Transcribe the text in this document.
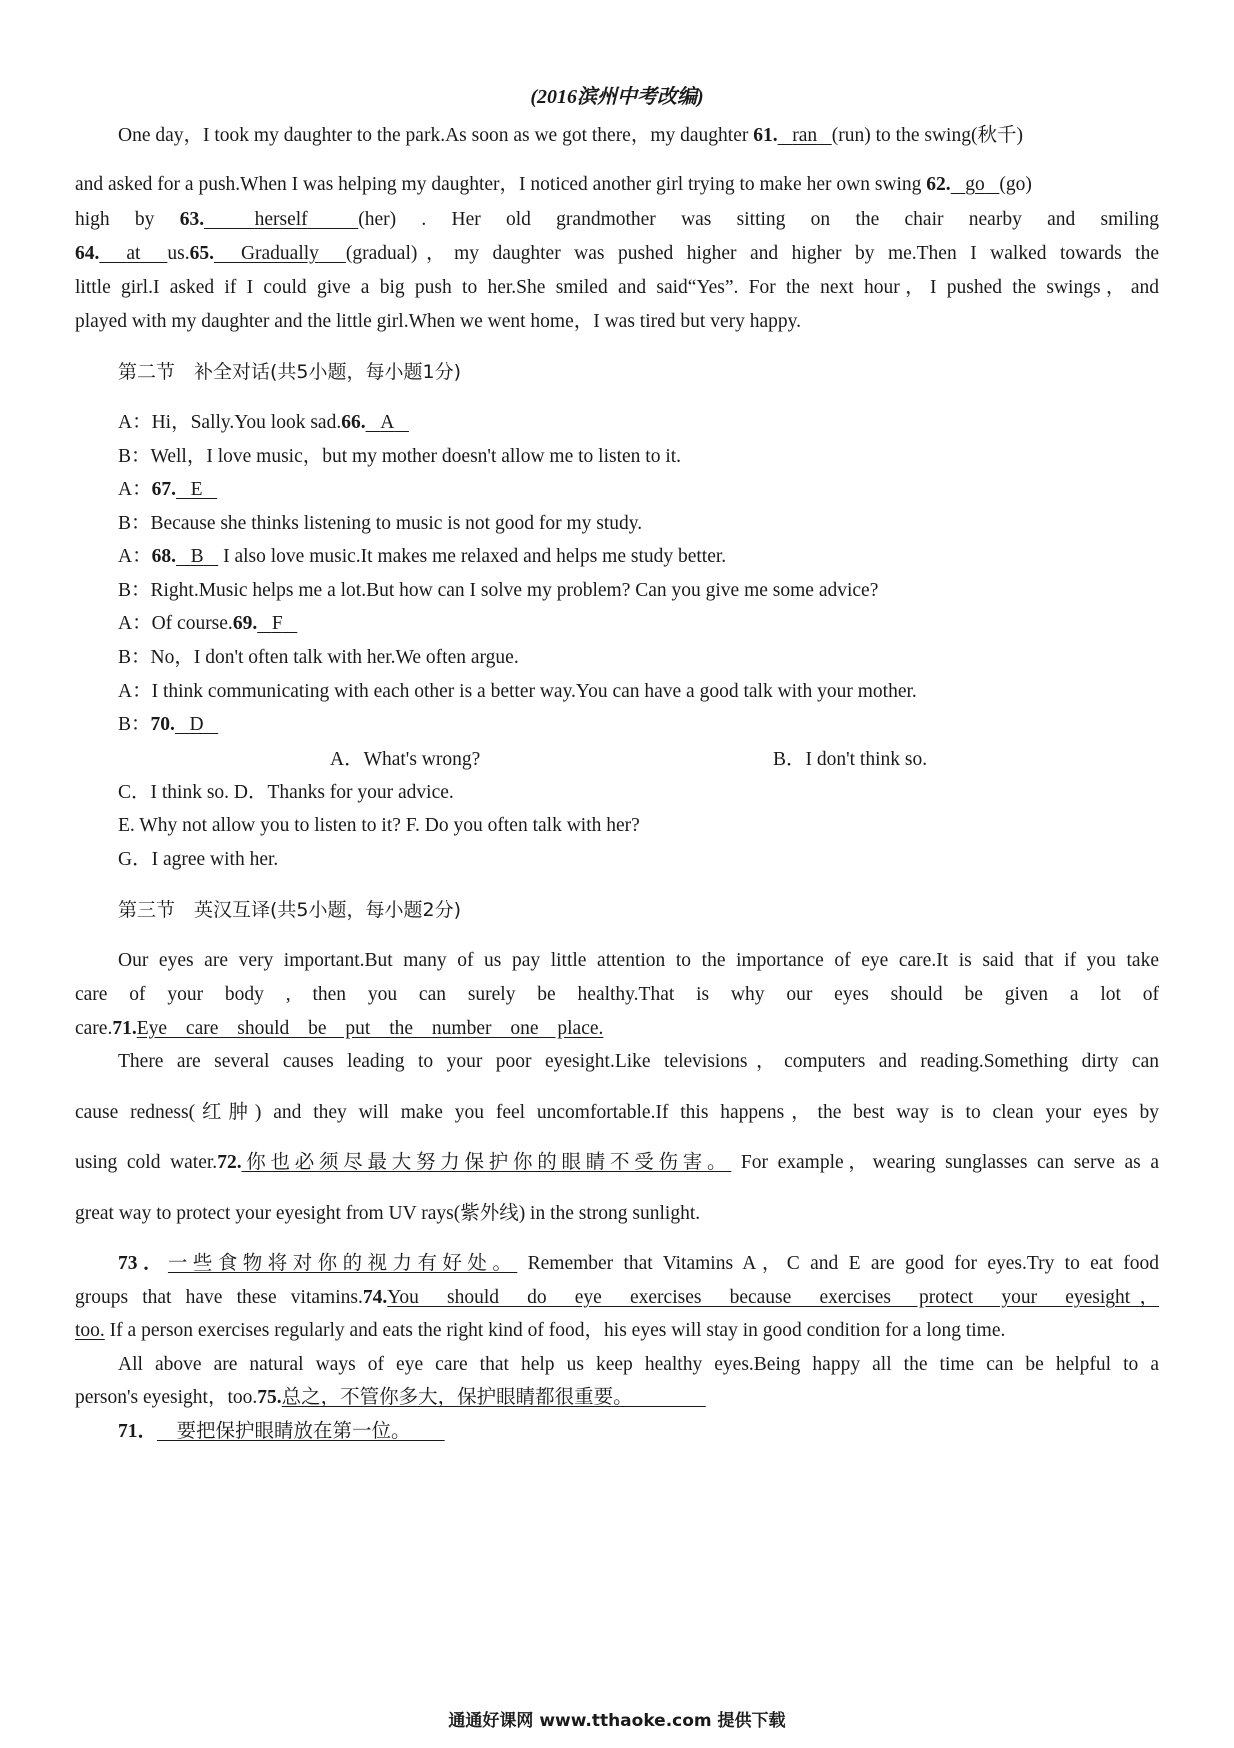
(2016滨州中考改编)
One day，I took my daughter to the park.As soon as we got there，my daughter 61. ran (run) to the swing(秋千)
and asked for a push.When I was helping my daughter，I noticed another girl trying to make her own swing 62. go (go)
high by 63.	herself	(her) . Her old grandmother was sitting on the chair nearby and smiling
64. at us.65. Gradually (gradual)，my daughter was pushed higher and higher by me.Then I walked towards the
little girl.I asked if I could give a big push to her.She smiled and said“Yes”. For the next hour，I pushed the swings，and
played with my daughter and the little girl.When we went home，I was tired but very happy.
第二节　补全对话(共5小题，每小题1分)
A：Hi，Sally.You look sad.66. A
B：Well，I love music，but my mother doesn't allow me to listen to it.
A：67. E
B：Because she thinks listening to music is not good for my study.
A：68. B I also love music.It makes me relaxed and helps me study better.
B：Right.Music helps me a lot.But how can I solve my problem? Can you give me some advice?
A：Of course.69. F
B：No，I don't often talk with her.We often argue.
A：I think communicating with each other is a better way.You can have a good talk with your mother.
B：70. D
A．What's wrong?	B．I don't think so.
C．I think so. D．Thanks for your advice.
E. Why not allow you to listen to it? F. Do you often talk with her?
G．I agree with her.
第三节　英汉互译(共5小题，每小题2分)
Our eyes are very important.But many of us pay little attention to the importance of eye care.It is said that if you take
care of your body , then you can surely be healthy.That is why our eyes should be given a lot of
care.71.Eye care should be put the number one place.
There are several causes leading to your poor eyesight.Like televisions，computers and reading.Something dirty can
cause redness(红肿) and they will make you feel uncomfortable.If this happens，the best way is to clean your eyes by
using cold water.72.你也必须尽最大努力保护你的眼睛不受伤害。 For example，wearing sunglasses can serve as a
great way to protect your eyesight from UV rays(紫外线) in the strong sunlight.
73．一些食物将对你的视力有好处。 Remember that Vitamins A，C and E are good for eyes.Try to eat food
groups that have these vitamins.74.You should do eye exercises because exercises protect your eyesight，
too. If a person exercises regularly and eats the right kind of food，his eyes will stay in good condition for a long time.
All above are natural ways of eye care that help us keep healthy eyes.Being happy all the time can be helpful to a
person's eyesight，too.75.总之，不管你多大，保护眼睛都很重要。
71． 要把保护眼睛放在第一位。
通通好课网 www.tthaoke.com 提供下载
